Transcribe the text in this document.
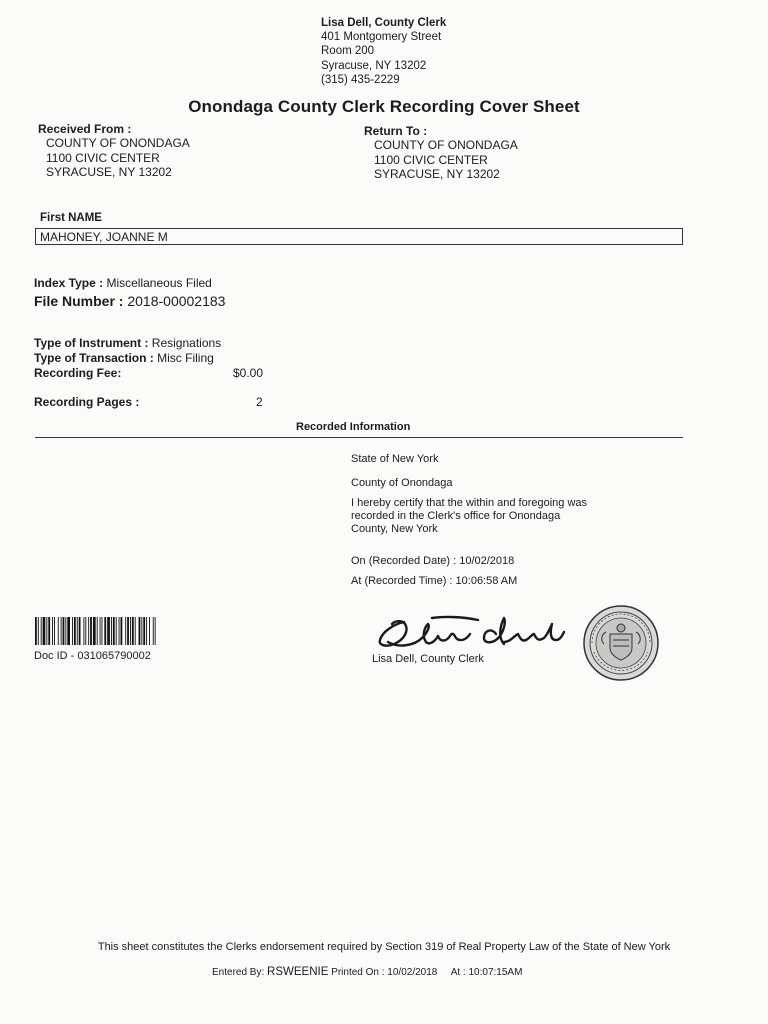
Lisa Dell, County Clerk
401 Montgomery Street
Room 200
Syracuse, NY 13202
(315) 435-2229
Onondaga County Clerk Recording Cover Sheet
Received From :
COUNTY OF ONONDAGA
1100 CIVIC CENTER
SYRACUSE, NY 13202
Return To :
COUNTY OF ONONDAGA
1100 CIVIC CENTER
SYRACUSE, NY 13202
First NAME
MAHONEY, JOANNE M
Index Type : Miscellaneous Filed
File Number : 2018-00002183
Type of Instrument : Resignations
Type of Transaction : Misc Filing
Recording Fee:	$0.00
Recording Pages :	2
Recorded Information

State of New York

County of Onondaga

I hereby certify that the within and foregoing was

recorded in the Clerk's office for Onondaga

County, New York

On (Recorded Date) : 10/02/2018

At (Recorded Time) : 10:06:58 AM

Lisa Dell, County Clerk
Doc ID - 031065790002
This sheet constitutes the Clerks endorsement required by Section 319 of Real Property Law of the State of New York
Entered By: RSWEENIE Printed On : 10/02/2018 At : 10:07:15AM
